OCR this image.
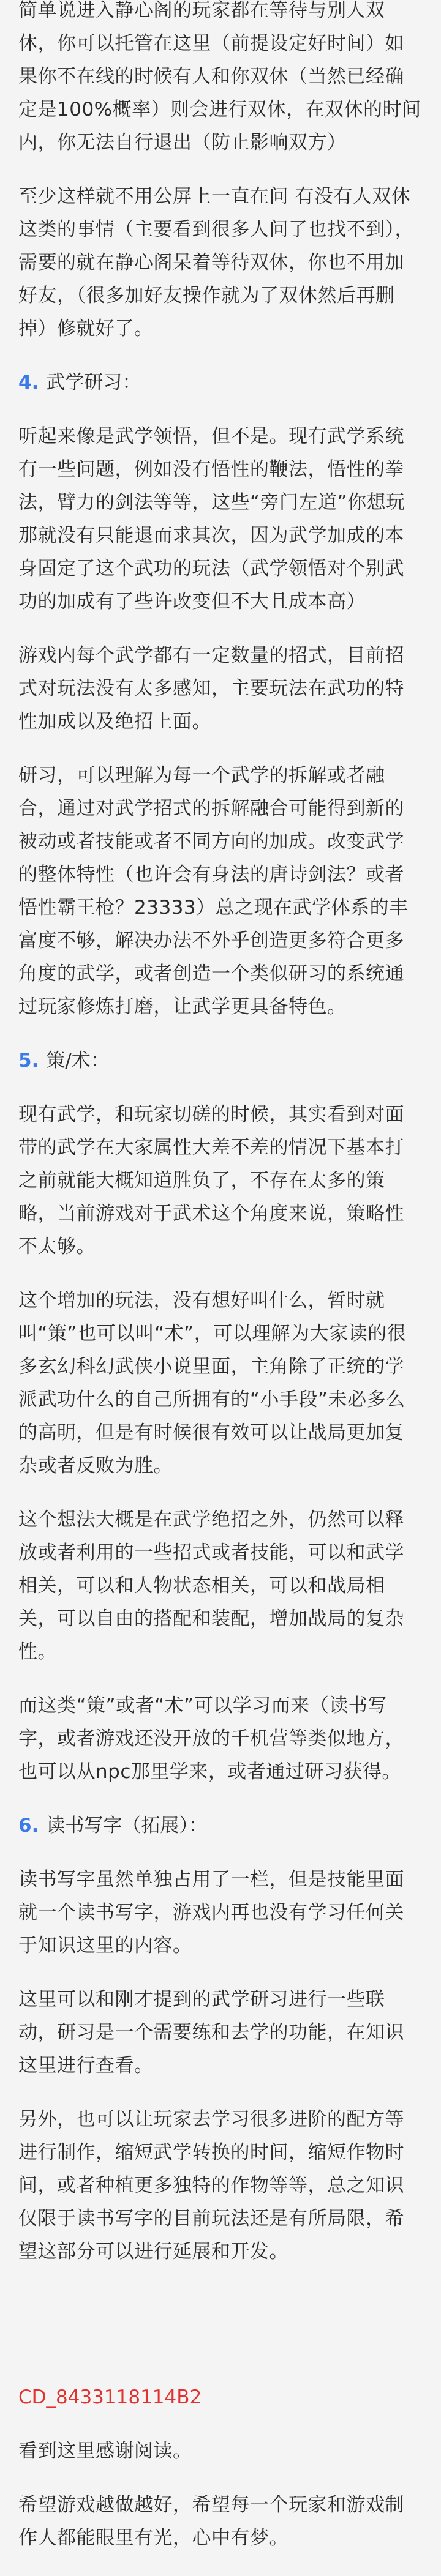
简单说进入静心阁的玩家都在等待与别人双休，你可以托管在这里（前提设定好时间）如果你不在线的时候有人和你双休（当然已经确定是100%概率）则会进行双休，在双休的时间内，你无法自行退出（防止影响双方）

至少这样就不用公屏上一直在问 有没有人双休这类的事情（主要看到很多人问了也找不到），需要的就在静心阁呆着等待双休，你也不用加好友，（很多加好友操作就为了双休然后再删掉）修就好了。

4. 武学研习：

听起来像是武学领悟，但不是。现有武学系统有一些问题，例如没有悟性的鞭法，悟性的拳法，臂力的剑法等等，这些“旁门左道”你想玩那就没有只能退而求其次，因为武学加成的本身固定了这个武功的玩法（武学领悟对个别武功的加成有了些许改变但不大且成本高）

游戏内每个武学都有一定数量的招式，目前招式对玩法没有太多感知，主要玩法在武功的特性加成以及绝招上面。

研习，可以理解为每一个武学的拆解或者融合，通过对武学招式的拆解融合可能得到新的被动或者技能或者不同方向的加成。改变武学的整体特性（也许会有身法的唐诗剑法？或者悟性霸王枪？23333）总之现在武学体系的丰富度不够，解决办法不外乎创造更多符合更多角度的武学，或者创造一个类似研习的系统通过玩家修炼打磨，让武学更具备特色。

5. 策/术：

现有武学，和玩家切磋的时候，其实看到对面带的武学在大家属性大差不差的情况下基本打之前就能大概知道胜负了，不存在太多的策略，当前游戏对于武术这个角度来说，策略性不太够。

这个增加的玩法，没有想好叫什么，暂时就叫“策”也可以叫“术”，可以理解为大家读的很多玄幻科幻武侠小说里面，主角除了正统的学派武功什么的自己所拥有的“小手段”未必多么的高明，但是有时候很有效可以让战局更加复杂或者反败为胜。

这个想法大概是在武学绝招之外，仍然可以释放或者利用的一些招式或者技能，可以和武学相关，可以和人物状态相关，可以和战局相关，可以自由的搭配和装配，增加战局的复杂性。

而这类“策”或者“术”可以学习而来（读书写字，或者游戏还没开放的千机营等类似地方，也可以从npc那里学来，或者通过研习获得。

6. 读书写字（拓展）：

读书写字虽然单独占用了一栏，但是技能里面就一个读书写字，游戏内再也没有学习任何关于知识这里的内容。

这里可以和刚才提到的武学研习进行一些联动，研习是一个需要练和去学的功能，在知识这里进行查看。

另外，也可以让玩家去学习很多进阶的配方等进行制作，缩短武学转换的时间，缩短作物时间，或者种植更多独特的作物等等，总之知识仅限于读书写字的目前玩法还是有所局限，希望这部分可以进行延展和开发。

CD_8433118114B2

看到这里感谢阅读。

希望游戏越做越好，希望每一个玩家和游戏制作人都能眼里有光，心中有梦。
